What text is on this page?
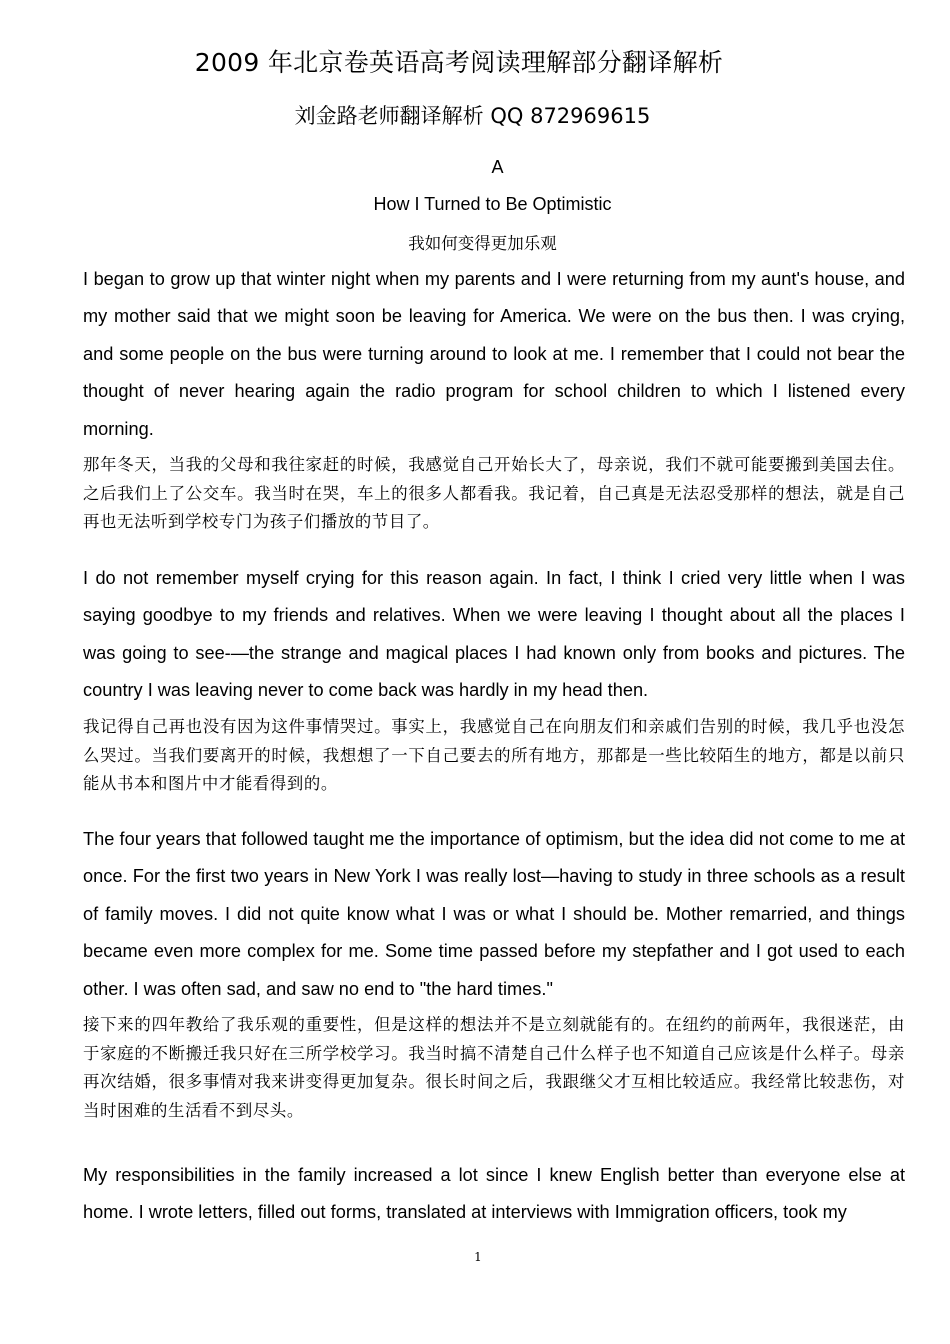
2009 年北京卷英语高考阅读理解部分翻译解析
刘金路老师翻译解析 QQ 872969615
A
How I Turned to Be Optimistic
我如何变得更加乐观
I began to grow up that winter night when my parents and I were returning from my aunt's house, and my mother said that we might soon be leaving for America. We were on the bus then. I was crying, and some people on the bus were turning around to look at me. I remember that I could not bear the thought of never hearing again the radio program for school children to which I listened every morning.
那年冬天，当我的父母和我往家赶的时候，我感觉自己开始长大了，母亲说，我们不就可能要搬到美国去住。之后我们上了公交车。我当时在哭，车上的很多人都看我。我记着，自己真是无法忍受那样的想法，就是自己再也无法听到学校专门为孩子们播放的节目了。
I do not remember myself crying for this reason again. In fact, I think I cried very little when I was saying goodbye to my friends and relatives. When we were leaving I thought about all the places I was going to see-—the strange and magical places I had known only from books and pictures. The country I was leaving never to come back was hardly in my head then.
我记得自己再也没有因为这件事情哭过。事实上，我感觉自己在向朋友们和亲戚们告别的时候，我几乎也没怎么哭过。当我们要离开的时候，我想想了一下自己要去的所有地方，那都是一些比较陌生的地方，都是以前只能从书本和图片中才能看得到的。
The four years that followed taught me the importance of optimism, but the idea did not come to me at once. For the first two years in New York I was really lost—having to study in three schools as a result of family moves. I did not quite know what I was or what I should be. Mother remarried, and things became even more complex for me. Some time passed before my stepfather and I got used to each other. I was often sad, and saw no end to "the hard times."
接下来的四年教给了我乐观的重要性，但是这样的想法并不是立刻就能有的。在纽约的前两年，我很迷茫，由于家庭的不断搬迁我只好在三所学校学习。我当时搞不清楚自己什么样子也不知道自己应该是什么样子。母亲再次结婚，很多事情对我来讲变得更加复杂。很长时间之后，我跟继父才互相比较适应。我经常比较悲伤，对当时困难的生活看不到尽头。
My responsibilities in the family increased a lot since I knew English better than everyone else at home. I wrote letters, filled out forms, translated at interviews with Immigration officers, took my
1
